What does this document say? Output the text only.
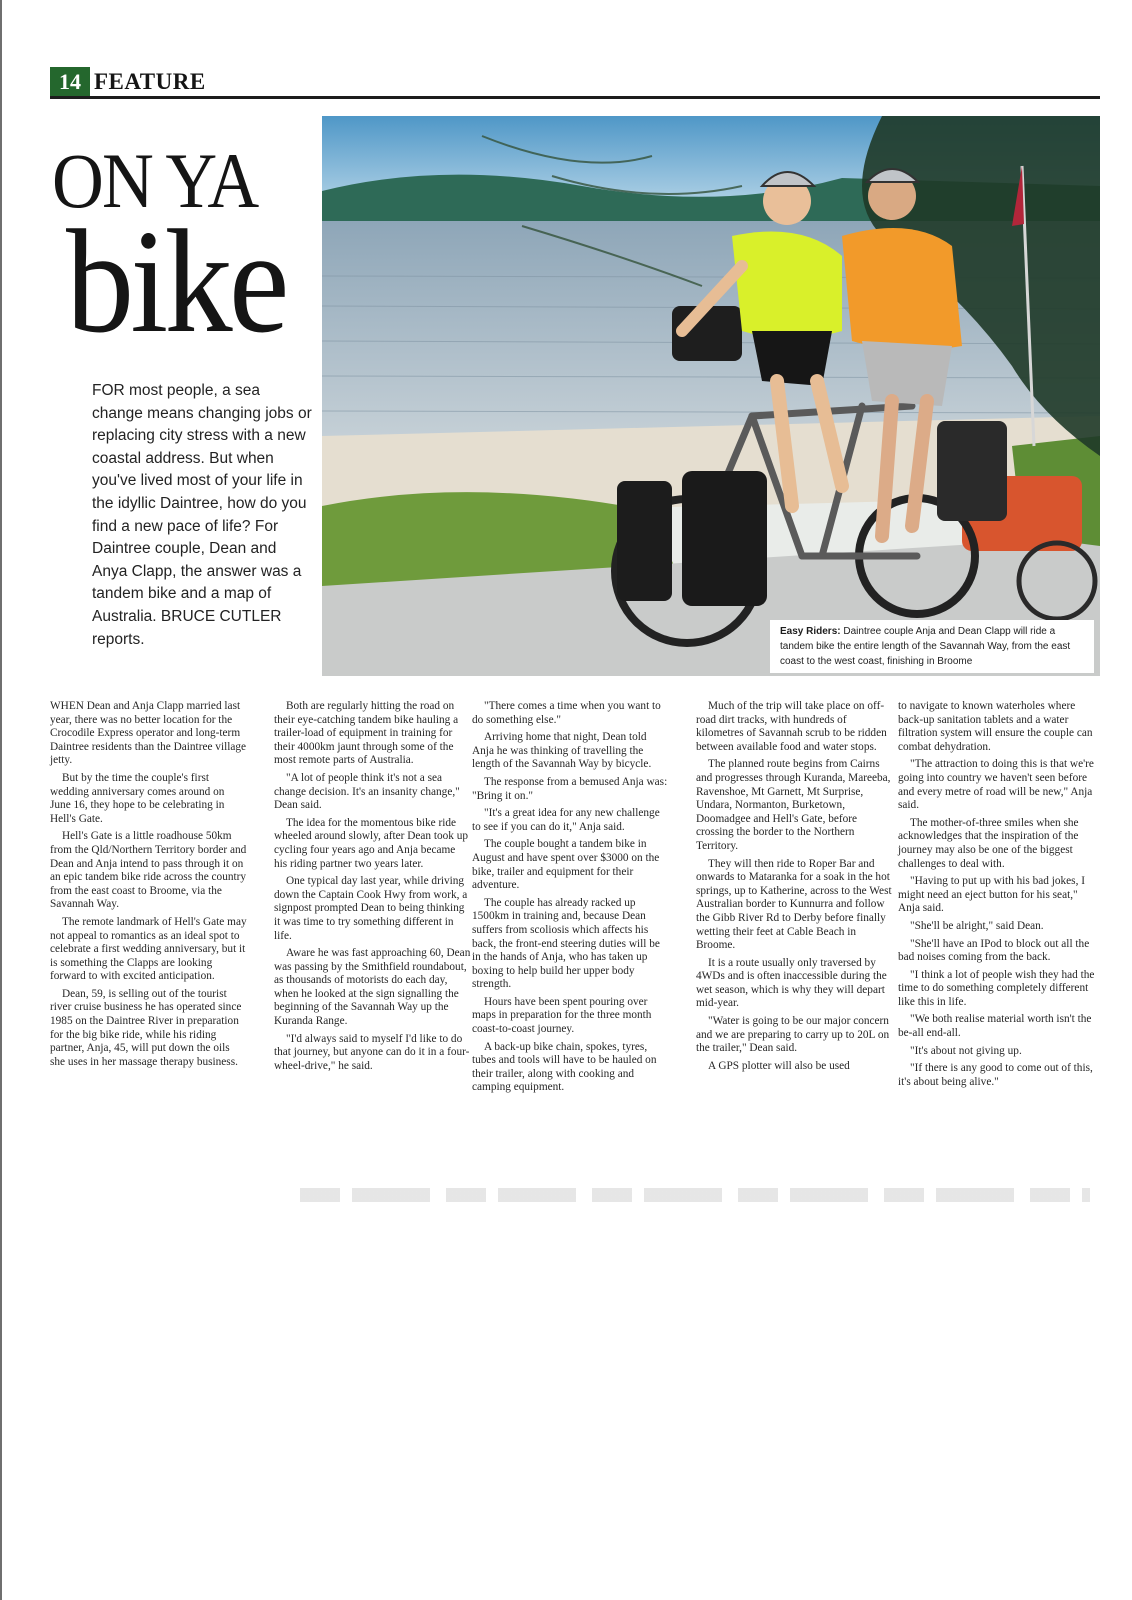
14 FEATURE
ON YA
bike
FOR most people, a sea change means changing jobs or replacing city stress with a new coastal address. But when you've lived most of your life in the idyllic Daintree, how do you find a new pace of life? For Daintree couple, Dean and Anya Clapp, the answer was a tandem bike and a map of Australia. BRUCE CUTLER reports.	Easy Riders: Daintree couple Anja and Dean Clapp will ride a tandem bike the entire length of the Savannah Way, from the east coast to the west coast, finishing in Broome

WHEN Dean and Anja Clapp married last year, there was no better location for the Crocodile Express operator and long-term Daintree residents than the Daintree village jetty.

But by the time the couple's first wedding anniversary comes around on June 16, they hope to be celebrating in Hell's Gate.

Hell's Gate is a little roadhouse 50km from the Qld/Northern Territory border and Dean and Anja intend to pass through it on an epic tandem bike ride across the country from the east coast to Broome, via the Savannah Way.

The remote landmark of Hell's Gate may not appeal to romantics as an ideal spot to celebrate a first wedding anniversary, but it is something the Clapps are looking forward to with excited anticipation.

Dean, 59, is selling out of the tourist river cruise business he has operated since 1985 on the Daintree River in preparation for the big bike ride, while his riding partner, Anja, 45, will put down the oils she uses in her massage therapy business.

Both are regularly hitting the road on their eye-catching tandem bike hauling a trailer-load of equipment in training for their 4000km jaunt through some of the most remote parts of Australia.

"A lot of people think it's not a sea change decision. It's an insanity change," Dean said.

The idea for the momentous bike ride wheeled around slowly, after Dean took up cycling four years ago and Anja became his riding partner two years later.

One typical day last year, while driving down the Captain Cook Hwy from work, a signpost prompted Dean to being thinking it was time to try something different in life.

Aware he was fast approaching 60, Dean was passing by the Smithfield roundabout, as thousands of motorists do each day, when he looked at the sign signalling the beginning of the Savannah Way up the Kuranda Range.

"I'd always said to myself I'd like to do that journey, but anyone can do it in a four-wheel-drive," he said.

"There comes a time when you want to do something else."

Arriving home that night, Dean told Anja he was thinking of travelling the length of the Savannah Way by bicycle.

The response from a bemused Anja was: "Bring it on."

"It's a great idea for any new challenge to see if you can do it," Anja said.

The couple bought a tandem bike in August and have spent over $3000 on the bike, trailer and equipment for their adventure.

The couple has already racked up 1500km in training and, because Dean suffers from scoliosis which affects his back, the front-end steering duties will be in the hands of Anja, who has taken up boxing to help build her upper body strength.

Hours have been spent pouring over maps in preparation for the three month coast-to-coast journey.

A back-up bike chain, spokes, tyres, tubes and tools will have to be hauled on their trailer, along with cooking and camping equipment.

Much of the trip will take place on off-road dirt tracks, with hundreds of kilometres of Savannah scrub to be ridden between available food and water stops.

The planned route begins from Cairns and progresses through Kuranda, Mareeba, Ravenshoe, Mt Garnett, Mt Surprise, Undara, Normanton, Burketown, Doomadgee and Hell's Gate, before crossing the border to the Northern Territory.

They will then ride to Roper Bar and onwards to Mataranka for a soak in the hot springs, up to Katherine, across to the West Australian border to Kunnurra and follow the Gibb River Rd to Derby before finally wetting their feet at Cable Beach in Broome.

It is a route usually only traversed by 4WDs and is often inaccessible during the wet season, which is why they will depart mid-year.

"Water is going to be our major concern and we are preparing to carry up to 20L on the trailer," Dean said.

A GPS plotter will also be used

to navigate to known waterholes where back-up sanitation tablets and a water filtration system will ensure the couple can combat dehydration.

"The attraction to doing this is that we're going into country we haven't seen before and every metre of road will be new," Anja said.

The mother-of-three smiles when she acknowledges that the inspiration of the journey may also be one of the biggest challenges to deal with.

"Having to put up with his bad jokes, I might need an eject button for his seat," Anja said.

"She'll be alright," said Dean.

"She'll have an IPod to block out all the bad noises coming from the back.

"I think a lot of people wish they had the time to do something completely different like this in life.

"We both realise material worth isn't the be-all end-all.

"It's about not giving up.

"If there is any good to come out of this, it's about being alive."
